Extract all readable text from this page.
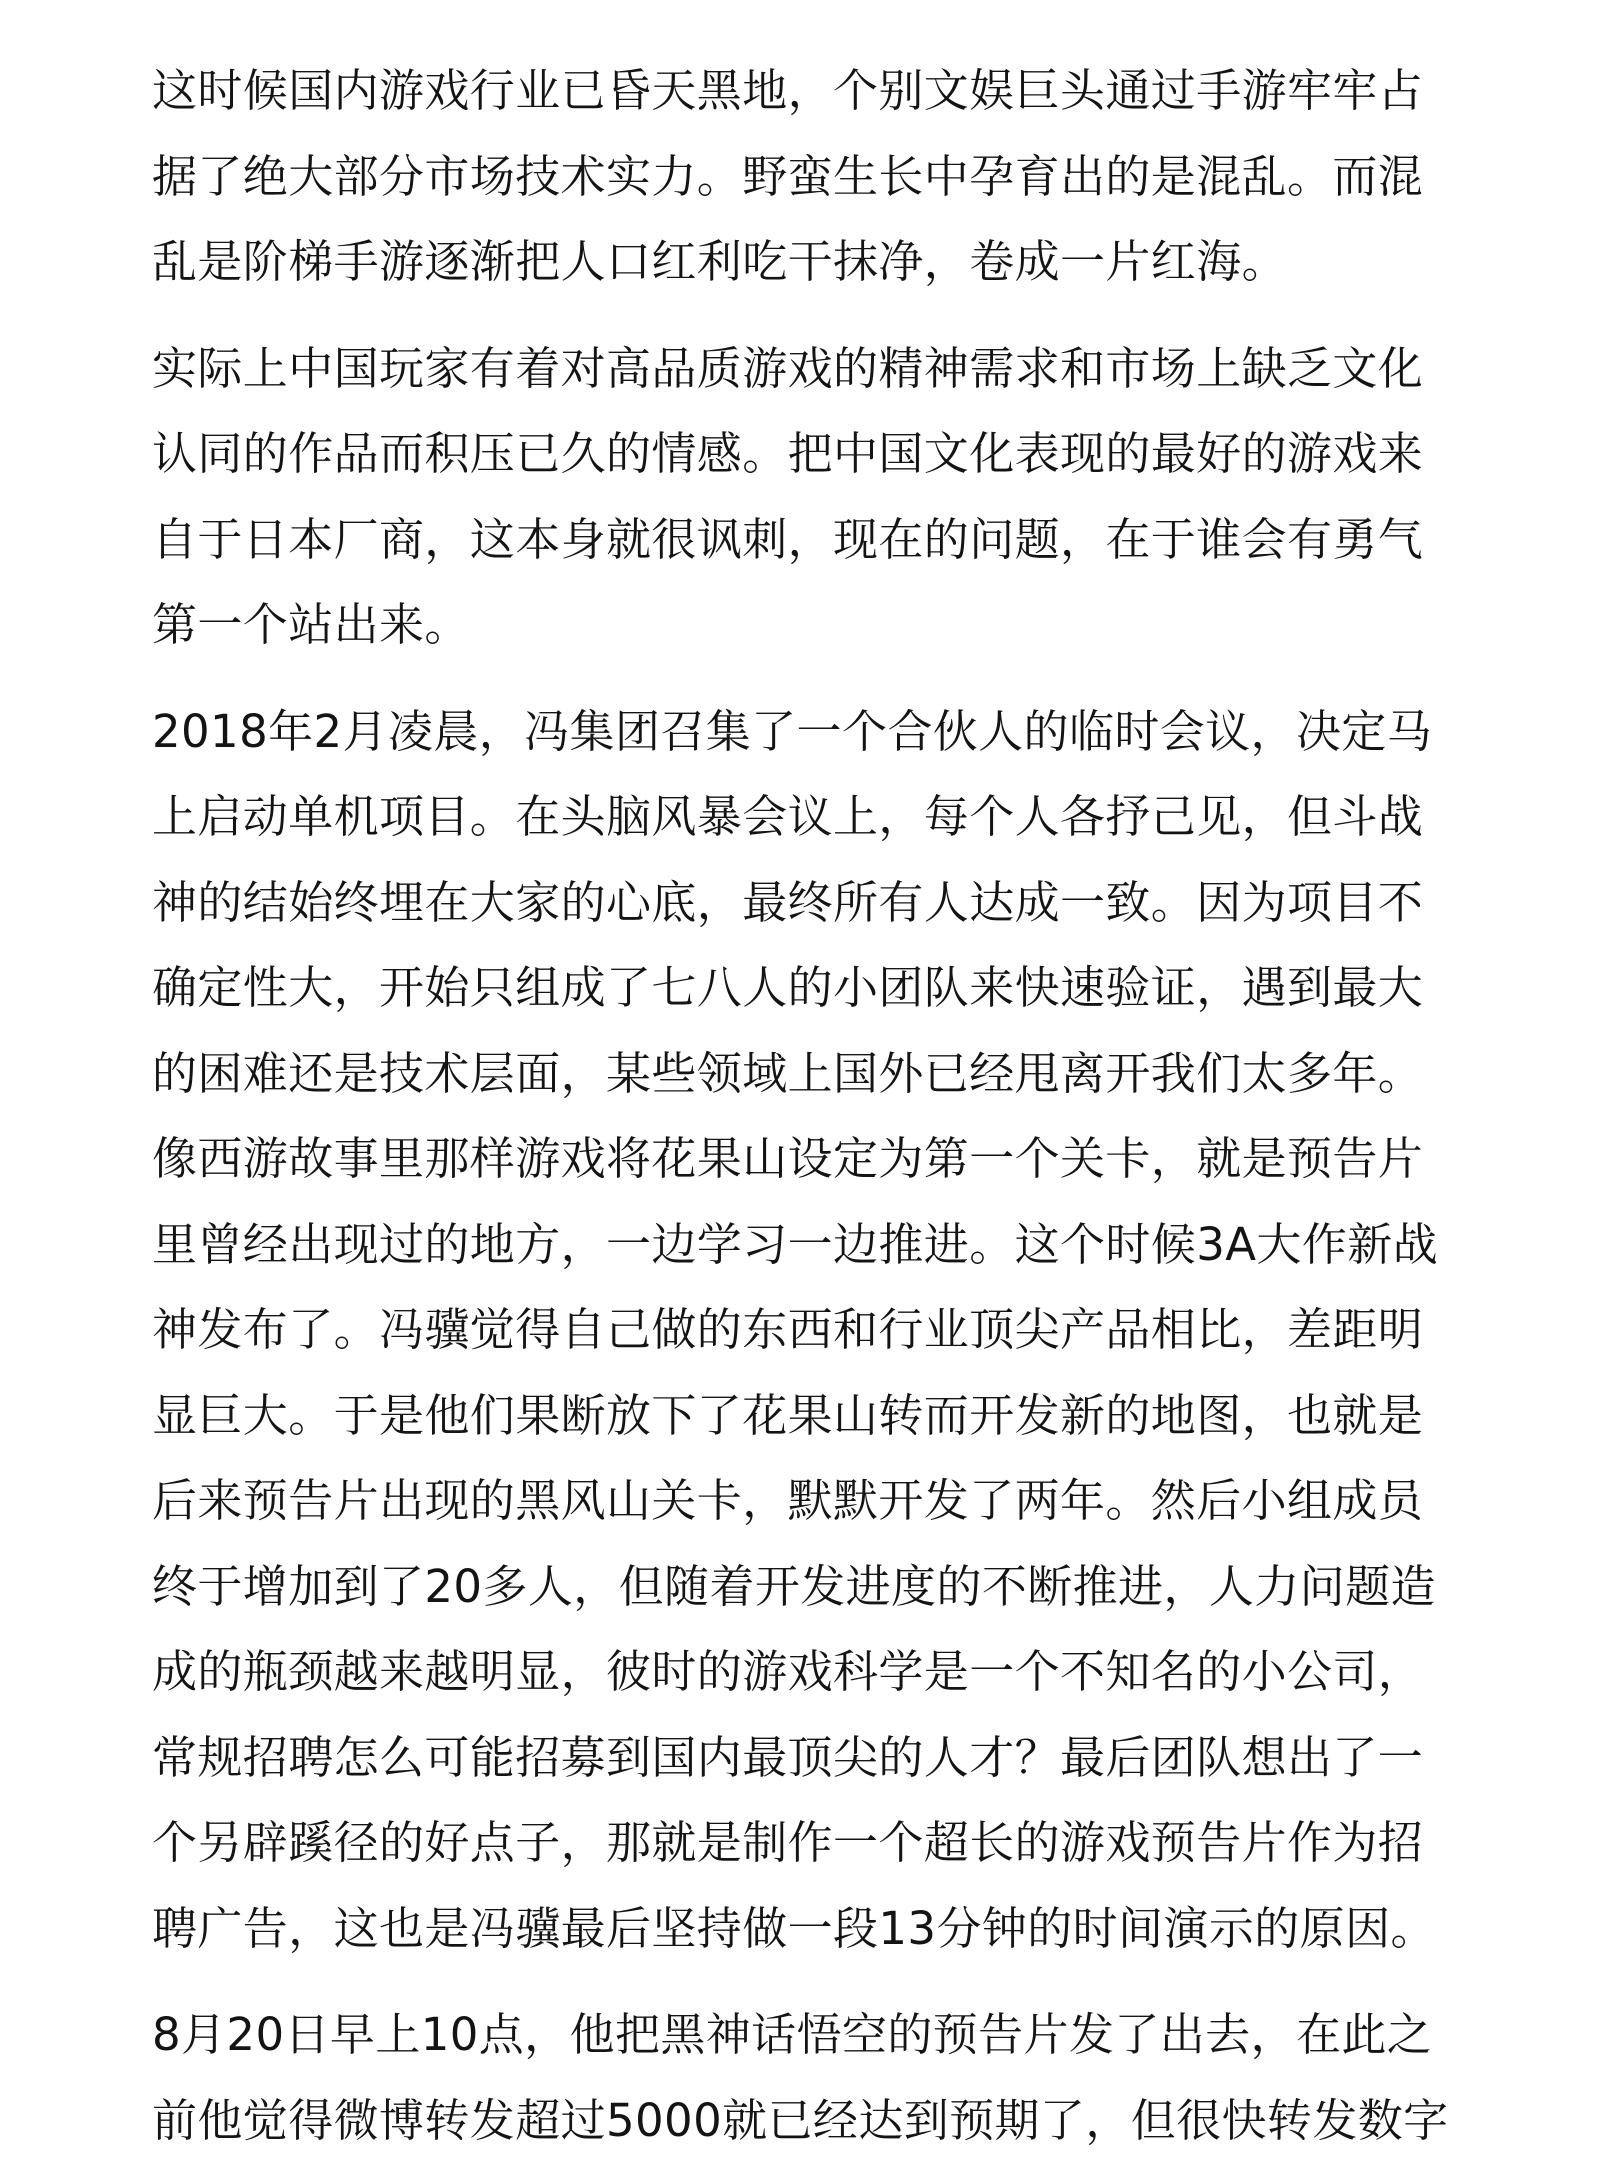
这时候国内游戏行业已昏天黑地，个别文娱巨头通过手游牢牢占
据了绝大部分市场技术实力。野蛮生长中孕育出的是混乱。而混
乱是阶梯手游逐渐把人口红利吃干抹净，卷成一片红海。

实际上中国玩家有着对高品质游戏的精神需求和市场上缺乏文化
认同的作品而积压已久的情感。把中国文化表现的最好的游戏来
自于日本厂商，这本身就很讽刺，现在的问题，在于谁会有勇气
第一个站出来。

2018年2月凌晨，冯集团召集了一个合伙人的临时会议，决定马
上启动单机项目。在头脑风暴会议上，每个人各抒己见，但斗战
神的结始终埋在大家的心底，最终所有人达成一致。因为项目不
确定性大，开始只组成了七八人的小团队来快速验证，遇到最大
的困难还是技术层面，某些领域上国外已经甩离开我们太多年。
像西游故事里那样游戏将花果山设定为第一个关卡，就是预告片
里曾经出现过的地方，一边学习一边推进。这个时候3A大作新战
神发布了。冯骥觉得自己做的东西和行业顶尖产品相比，差距明
显巨大。于是他们果断放下了花果山转而开发新的地图，也就是
后来预告片出现的黑风山关卡，默默开发了两年。然后小组成员
终于增加到了20多人，但随着开发进度的不断推进，人力问题造
成的瓶颈越来越明显，彼时的游戏科学是一个不知名的小公司，
常规招聘怎么可能招募到国内最顶尖的人才？最后团队想出了一
个另辟蹊径的好点子，那就是制作一个超长的游戏预告片作为招
聘广告，这也是冯骥最后坚持做一段13分钟的时间演示的原因。

8月20日早上10点，他把黑神话悟空的预告片发了出去，在此之
前他觉得微博转发超过5000就已经达到预期了，但很快转发数字
